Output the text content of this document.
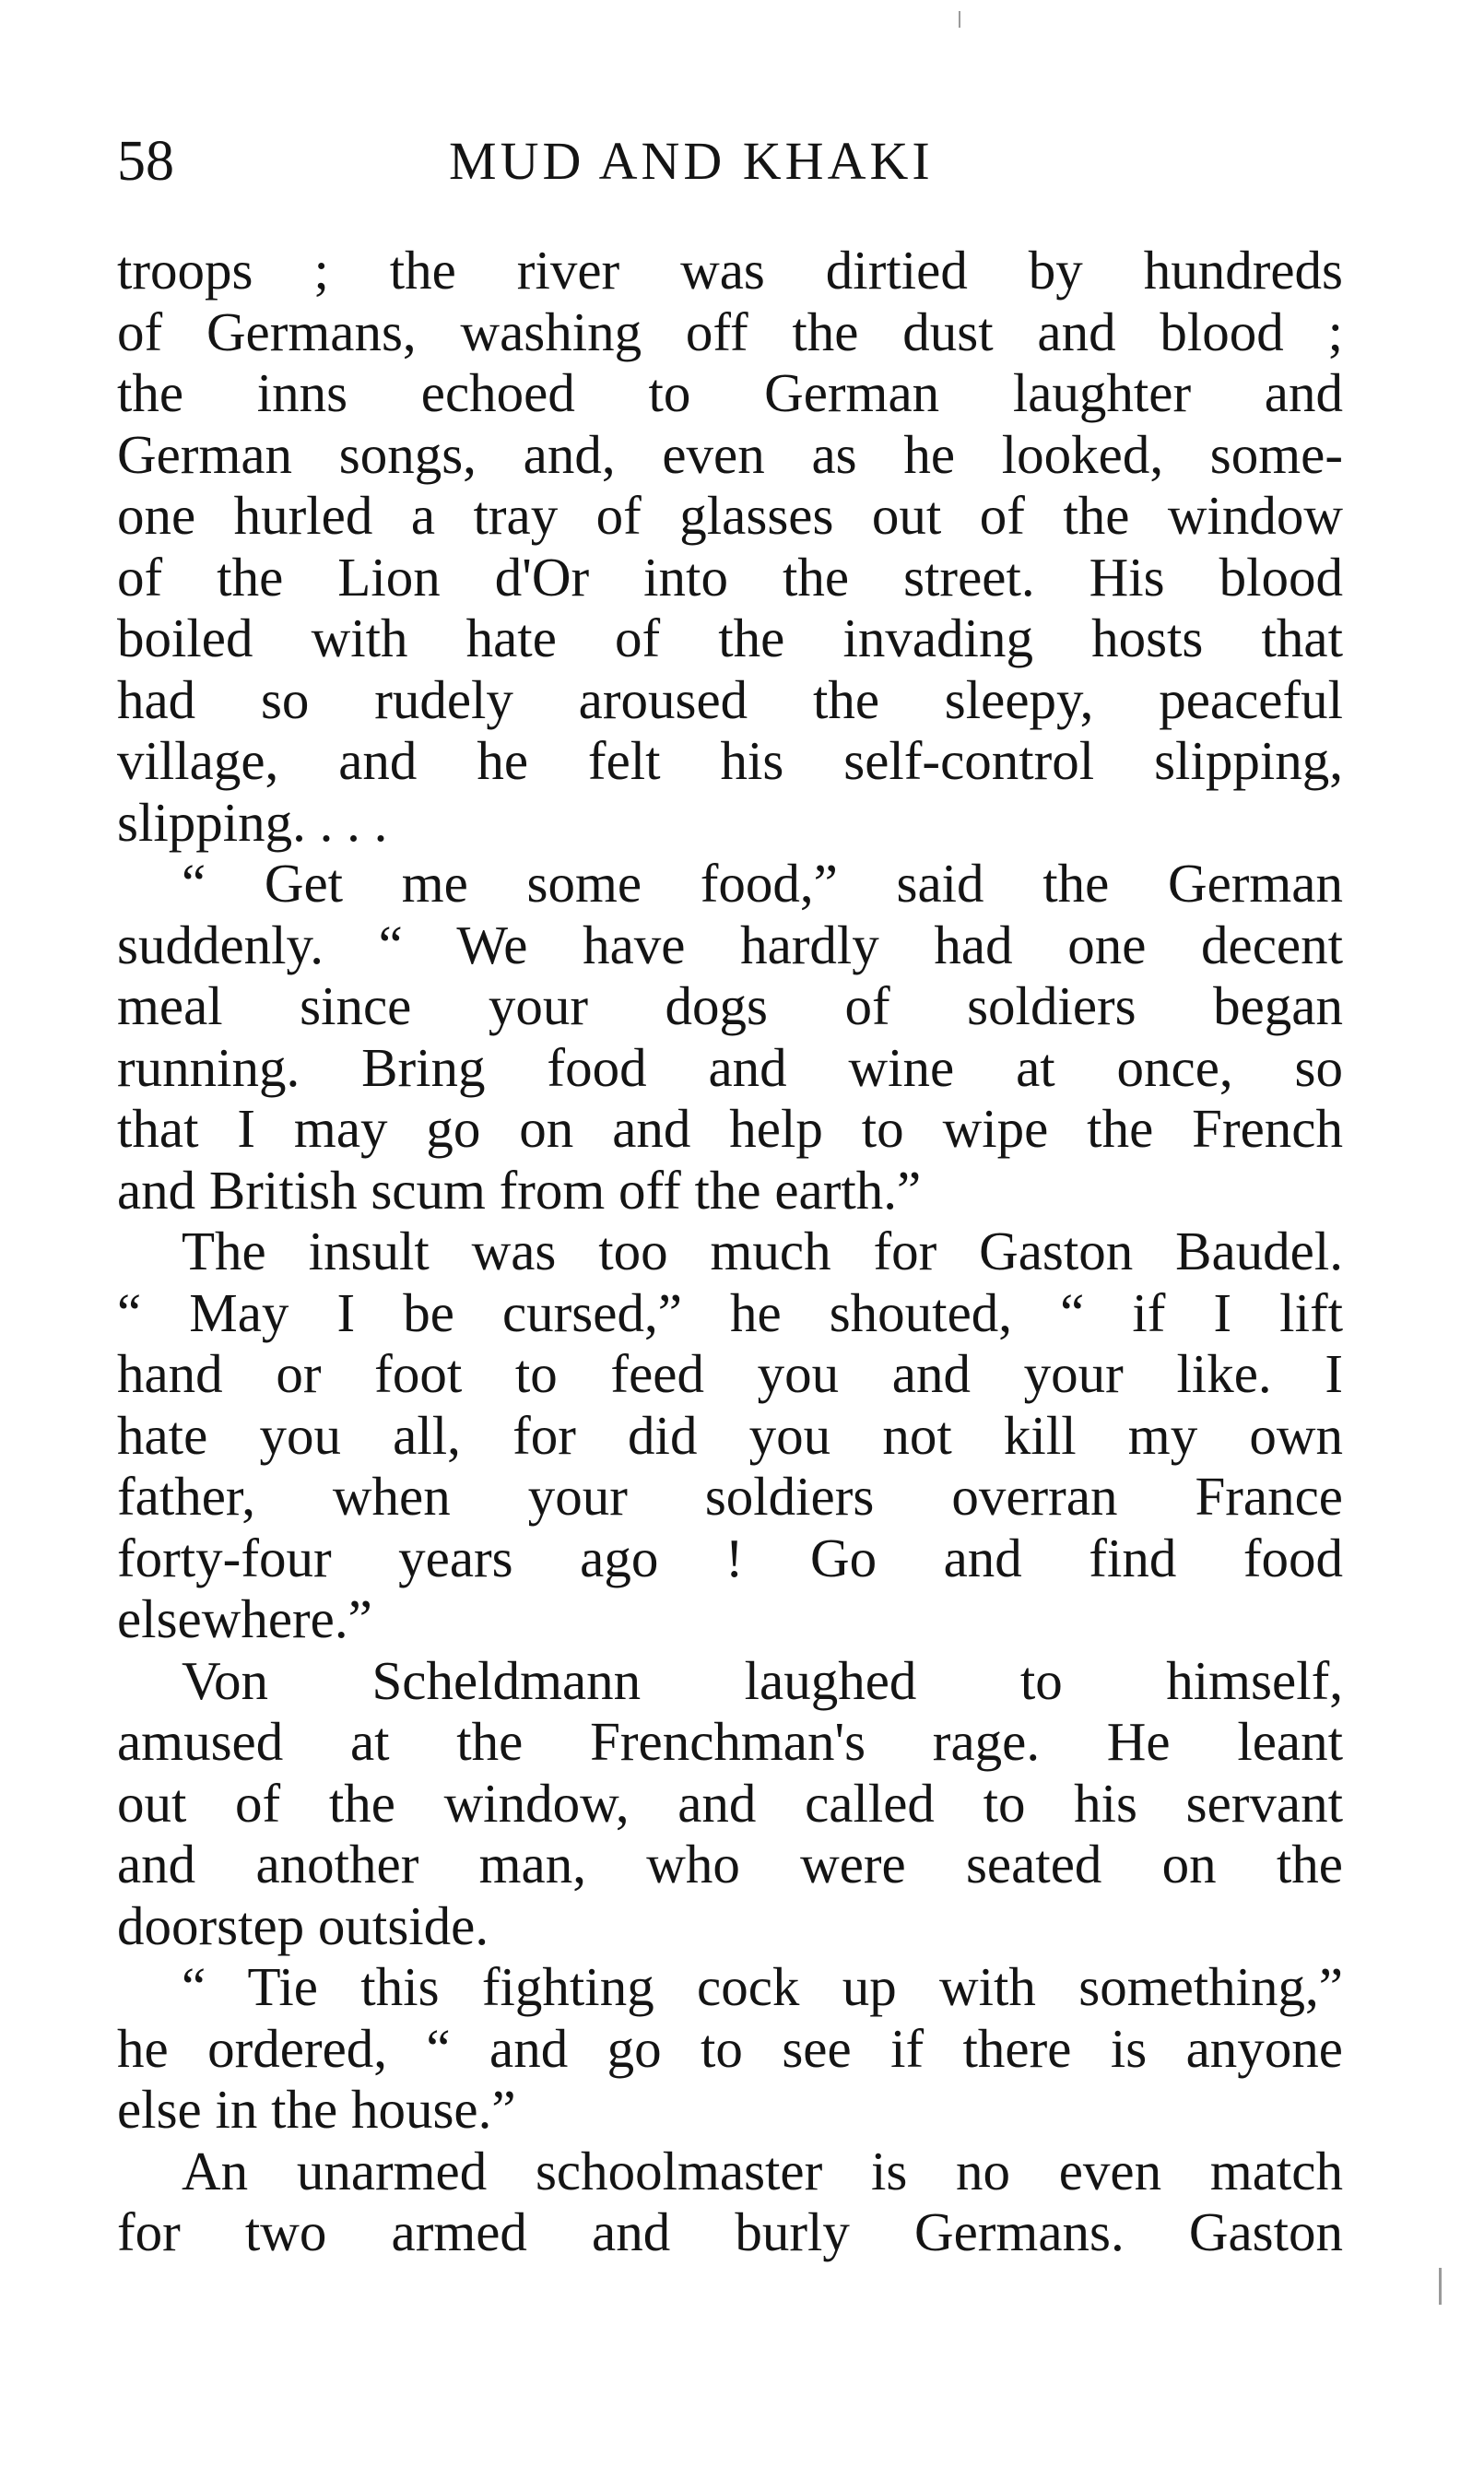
58	MUD AND KHAKI
troops ; the river was dirtied by hundreds
of Germans, washing off the dust and blood ;
the inns echoed to German laughter and
German songs, and, even as he looked, some-
one hurled a tray of glasses out of the window
of the Lion d'Or into the street. His blood
boiled with hate of the invading hosts that
had so rudely aroused the sleepy, peaceful
village, and he felt his self-control slipping,
slipping. . . .
“ Get me some food,” said the German
suddenly. “ We have hardly had one decent
meal since your dogs of soldiers began
running. Bring food and wine at once, so
that I may go on and help to wipe the French
and British scum from off the earth.”
The insult was too much for Gaston Baudel.
“ May I be cursed,” he shouted, “ if I lift
hand or foot to feed you and your like. I
hate you all, for did you not kill my own
father, when your soldiers overran France
forty-four years ago ! Go and find food
elsewhere.”
Von Scheldmann laughed to himself,
amused at the Frenchman's rage. He leant
out of the window, and called to his servant
and another man, who were seated on the
doorstep outside.
“ Tie this fighting cock up with something,”
he ordered, “ and go to see if there is anyone
else in the house.”
An unarmed schoolmaster is no even match
for two armed and burly Germans. Gaston
